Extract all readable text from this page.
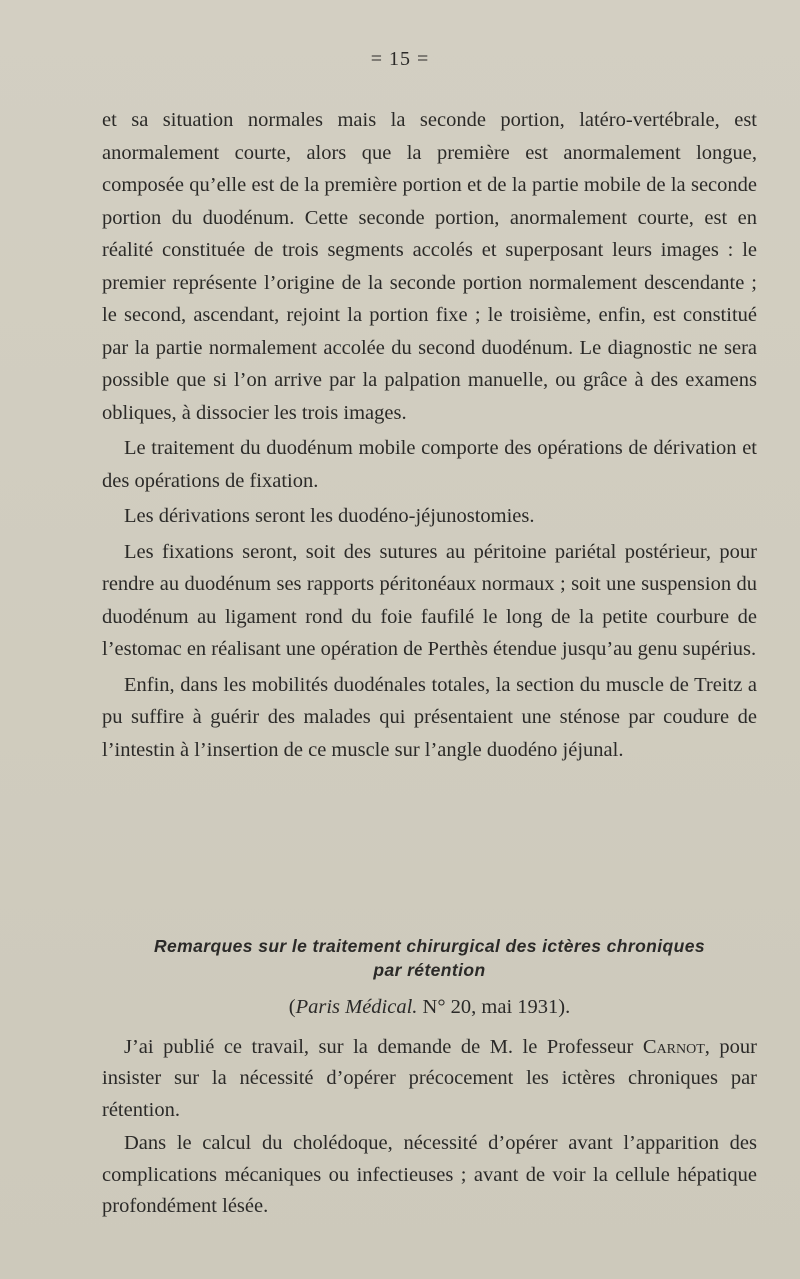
= 15 =

et sa situation normales mais la seconde portion, latéro-vertébrale, est anormalement courte, alors que la première est anormalement longue, composée qu’elle est de la première portion et de la partie mobile de la seconde portion du duodénum. Cette seconde portion, anormalement courte, est en réalité constituée de trois segments accolés et superposant leurs images : le premier représente l’origine de la seconde portion normalement descendante ; le second, ascendant, rejoint la portion fixe ; le troisième, enfin, est constitué par la partie normalement accolée du second duodénum. Le diagnostic ne sera possible que si l’on arrive par la palpation manuelle, ou grâce à des examens obliques, à dissocier les trois images.

Le traitement du duodénum mobile comporte des opérations de dérivation et des opérations de fixation.

Les dérivations seront les duodéno-jéjunostomies.

Les fixations seront, soit des sutures au péritoine pariétal postérieur, pour rendre au duodénum ses rapports péritonéaux normaux ; soit une suspension du duodénum au ligament rond du foie faufilé le long de la petite courbure de l’estomac en réalisant une opération de Perthès étendue jusqu’au genu supérius.

Enfin, dans les mobilités duodénales totales, la section du muscle de Treitz a pu suffire à guérir des malades qui présentaient une sténose par coudure de l’intestin à l’insertion de ce muscle sur l’angle duodéno jéjunal.

Remarques sur le traitement chirurgical des ictères chroniques
par rétention
(Paris Médical. N° 20, mai 1931).

J’ai publié ce travail, sur la demande de M. le Professeur Carnot, pour insister sur la nécessité d’opérer précocement les ictères chroniques par rétention.

Dans le calcul du cholédoque, nécessité d’opérer avant l’apparition des complications mécaniques ou infectieuses ; avant de voir la cellule hépatique profondément lésée.
